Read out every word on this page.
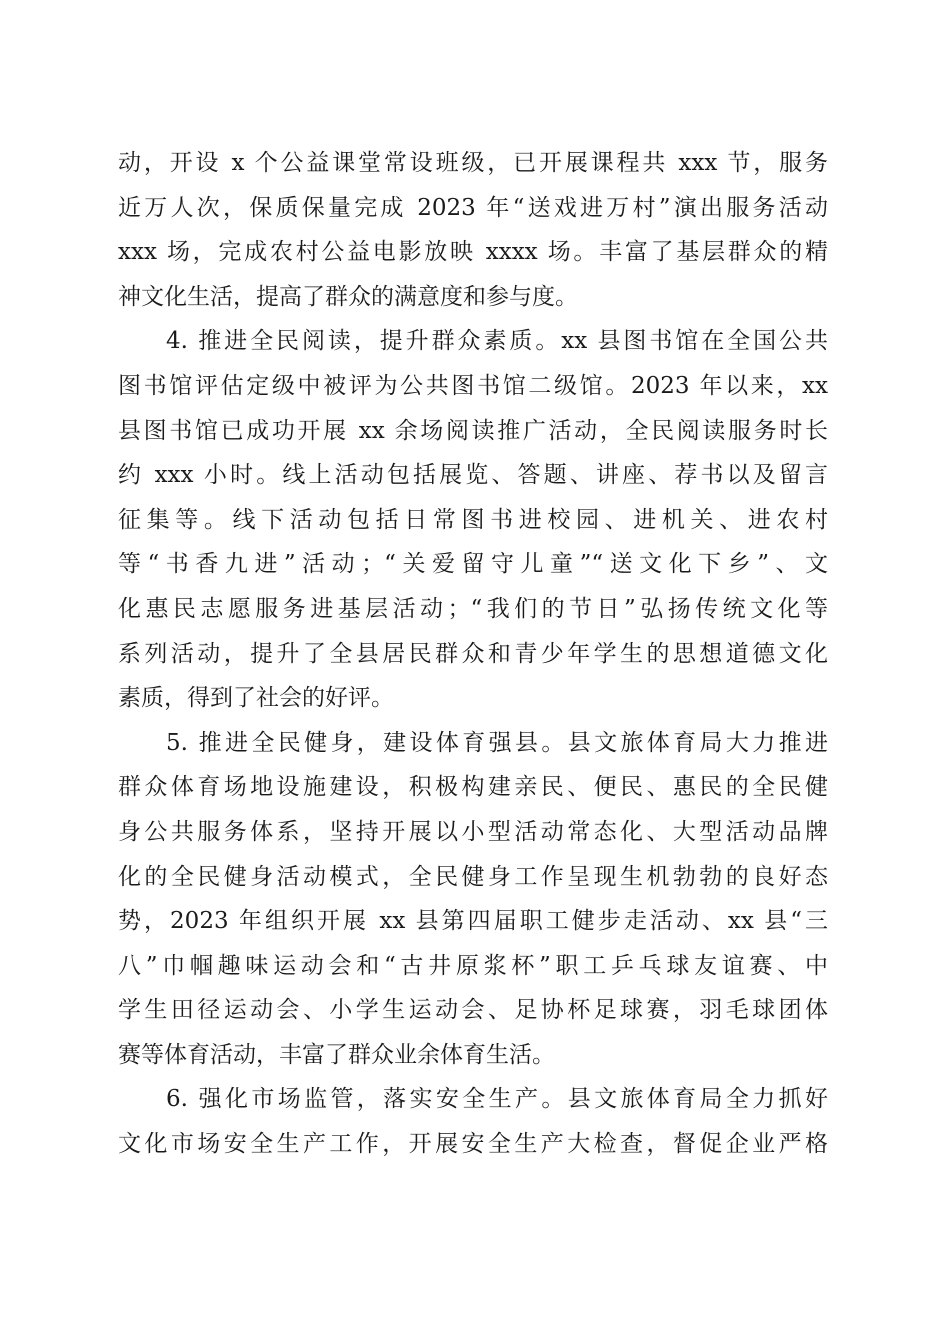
动，开设 x 个公益课堂常设班级，已开展课程共 xxx 节，服务
近万人次，保质保量完成 2023 年“送戏进万村”演出服务活动
xxx 场，完成农村公益电影放映 xxxx 场。丰富了基层群众的精
神文化生活，提高了群众的满意度和参与度。

4. 推进全民阅读，提升群众素质。xx 县图书馆在全国公共
图书馆评估定级中被评为公共图书馆二级馆。2023 年以来，xx
县图书馆已成功开展 xx 余场阅读推广活动，全民阅读服务时长
约 xxx 小时。线上活动包括展览、答题、讲座、荐书以及留言
征集等。线下活动包括日常图书进校园、进机关、进农村
等“书香九进”活动；“关爱留守儿童”“送文化下乡”、文
化惠民志愿服务进基层活动；“我们的节日”弘扬传统文化等
系列活动，提升了全县居民群众和青少年学生的思想道德文化
素质，得到了社会的好评。

5. 推进全民健身，建设体育强县。县文旅体育局大力推进
群众体育场地设施建设，积极构建亲民、便民、惠民的全民健
身公共服务体系，坚持开展以小型活动常态化、大型活动品牌
化的全民健身活动模式，全民健身工作呈现生机勃勃的良好态
势，2023 年组织开展 xx 县第四届职工健步走活动、xx 县“三
八”巾帼趣味运动会和“古井原浆杯”职工乒乓球友谊赛、中
学生田径运动会、小学生运动会、足协杯足球赛，羽毛球团体
赛等体育活动，丰富了群众业余体育生活。

6. 强化市场监管，落实安全生产。县文旅体育局全力抓好
文化市场安全生产工作，开展安全生产大检查，督促企业严格
